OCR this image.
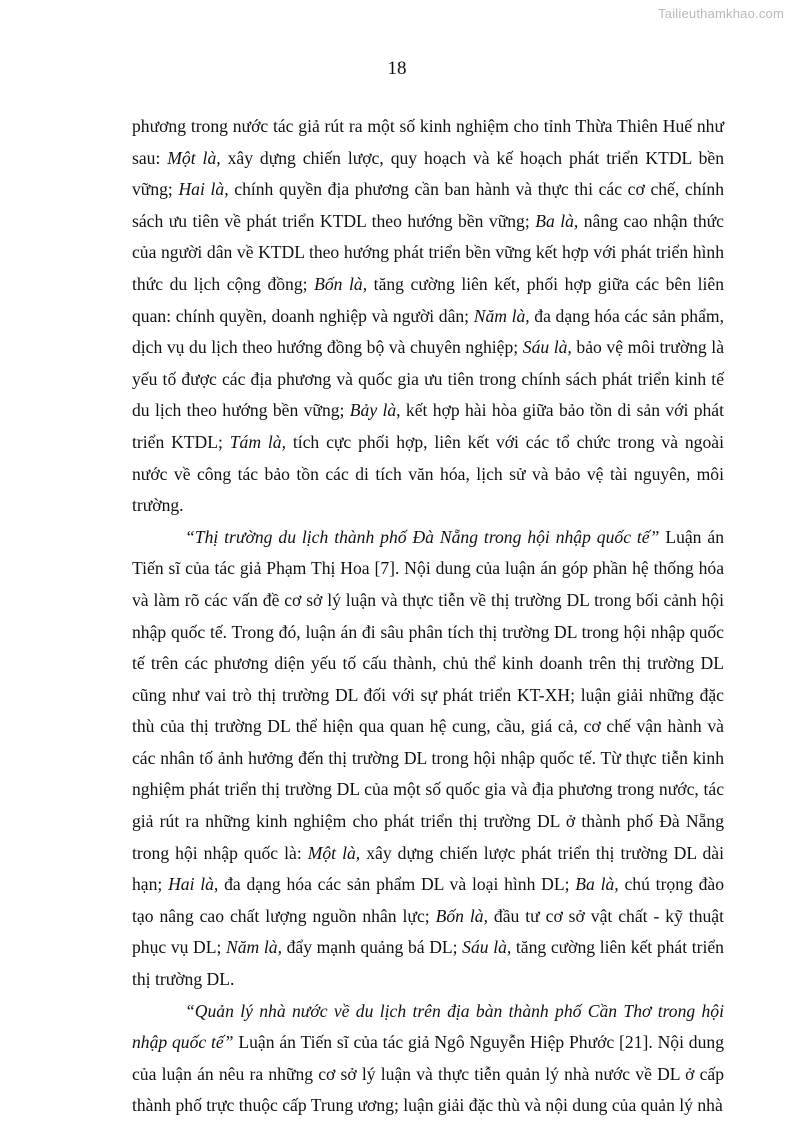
Tailieuthamkhao.com
18

phương trong nước tác giả rút ra một số kinh nghiệm cho tỉnh Thừa Thiên Huế như sau: Một là, xây dựng chiến lược, quy hoạch và kế hoạch phát triển KTDL bền vững; Hai là, chính quyền địa phương cần ban hành và thực thi các cơ chế, chính sách ưu tiên về phát triển KTDL theo hướng bền vững; Ba là, nâng cao nhận thức của người dân về KTDL theo hướng phát triển bền vững kết hợp với phát triển hình thức du lịch cộng đồng; Bốn là, tăng cường liên kết, phối hợp giữa các bên liên quan: chính quyền, doanh nghiệp và người dân; Năm là, đa dạng hóa các sản phẩm, dịch vụ du lịch theo hướng đồng bộ và chuyên nghiệp; Sáu là, bảo vệ môi trường là yếu tố được các địa phương và quốc gia ưu tiên trong chính sách phát triển kinh tế du lịch theo hướng bền vững; Bảy là, kết hợp hài hòa giữa bảo tồn di sản với phát triển KTDL; Tám là, tích cực phối hợp, liên kết với các tổ chức trong và ngoài nước về công tác bảo tồn các di tích văn hóa, lịch sử và bảo vệ tài nguyên, môi trường.

“Thị trường du lịch thành phố Đà Nẵng trong hội nhập quốc tế” Luận án Tiến sĩ của tác giả Phạm Thị Hoa [7]. Nội dung của luận án góp phần hệ thống hóa và làm rõ các vấn đề cơ sở lý luận và thực tiễn về thị trường DL trong bối cảnh hội nhập quốc tế. Trong đó, luận án đi sâu phân tích thị trường DL trong hội nhập quốc tế trên các phương diện yếu tố cấu thành, chủ thể kinh doanh trên thị trường DL cũng như vai trò thị trường DL đối với sự phát triển KT-XH; luận giải những đặc thù của thị trường DL thể hiện qua quan hệ cung, cầu, giá cả, cơ chế vận hành và các nhân tố ảnh hưởng đến thị trường DL trong hội nhập quốc tế. Từ thực tiễn kinh nghiệm phát triển thị trường DL của một số quốc gia và địa phương trong nước, tác giả rút ra những kinh nghiệm cho phát triển thị trường DL ở thành phố Đà Nẵng trong hội nhập quốc là: Một là, xây dựng chiến lược phát triển thị trường DL dài hạn; Hai là, đa dạng hóa các sản phẩm DL và loại hình DL; Ba là, chú trọng đào tạo nâng cao chất lượng nguồn nhân lực; Bốn là, đầu tư cơ sở vật chất - kỹ thuật phục vụ DL; Năm là, đẩy mạnh quảng bá DL; Sáu là, tăng cường liên kết phát triển thị trường DL.

“Quản lý nhà nước về du lịch trên địa bàn thành phố Cần Thơ trong hội nhập quốc tế” Luận án Tiến sĩ của tác giả Ngô Nguyễn Hiệp Phước [21]. Nội dung của luận án nêu ra những cơ sở lý luận và thực tiễn quản lý nhà nước về DL ở cấp thành phố trực thuộc cấp Trung ương; luận giải đặc thù và nội dung của quản lý nhà
